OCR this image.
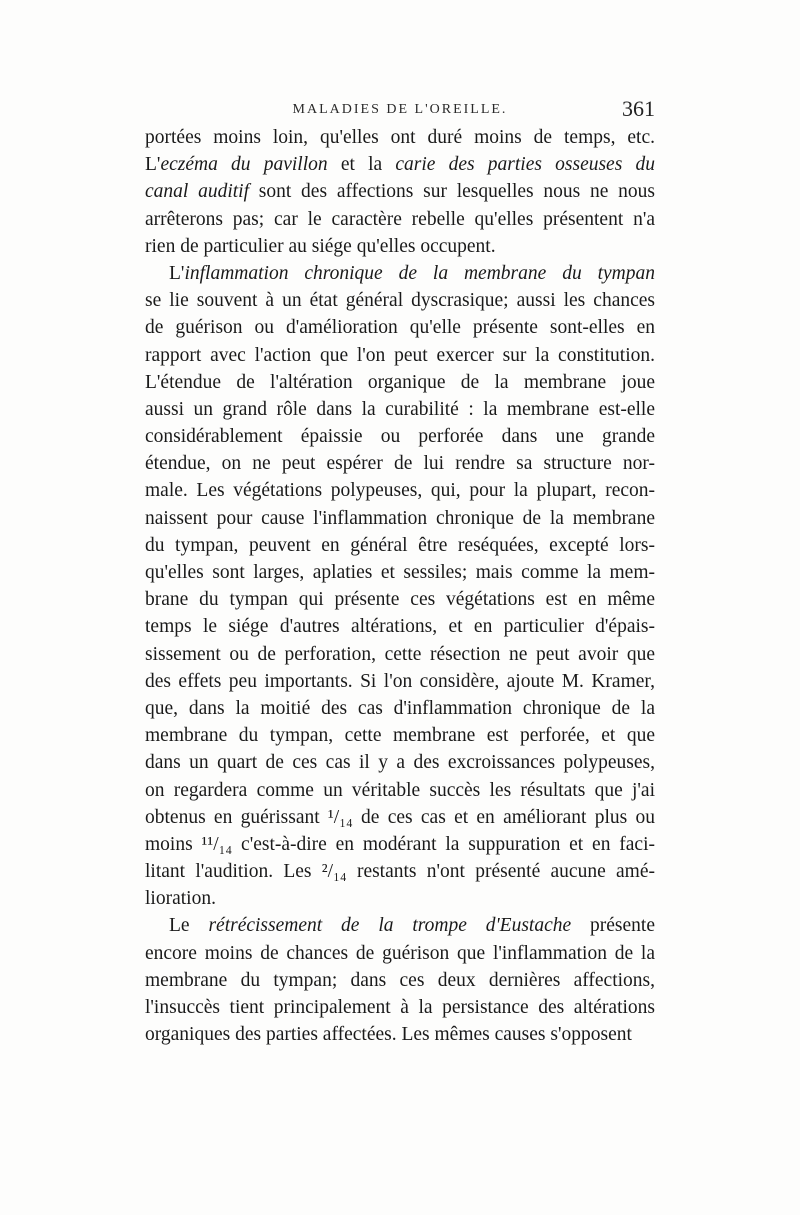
MALADIES DE L'OREILLE.	361
portées moins loin, qu'elles ont duré moins de temps, etc.
L'eczéma du pavillon et la carie des parties osseuses du
canal auditif sont des affections sur lesquelles nous ne nous
arrêterons pas; car le caractère rebelle qu'elles présentent n'a
rien de particulier au siége qu'elles occupent.
L'inflammation chronique de la membrane du tympan
se lie souvent à un état général dyscrasique; aussi les chances
de guérison ou d'amélioration qu'elle présente sont-elles en
rapport avec l'action que l'on peut exercer sur la constitution.
L'étendue de l'altération organique de la membrane joue
aussi un grand rôle dans la curabilité : la membrane est-elle
considérablement épaissie ou perforée dans une grande
étendue, on ne peut espérer de lui rendre sa structure nor-
male. Les végétations polypeuses, qui, pour la plupart, recon-
naissent pour cause l'inflammation chronique de la membrane
du tympan, peuvent en général être reséquées, excepté lors-
qu'elles sont larges, aplaties et sessiles; mais comme la mem-
brane du tympan qui présente ces végétations est en même
temps le siége d'autres altérations, et en particulier d'épais-
sissement ou de perforation, cette résection ne peut avoir que
des effets peu importants. Si l'on considère, ajoute M. Kramer,
que, dans la moitié des cas d'inflammation chronique de la
membrane du tympan, cette membrane est perforée, et que
dans un quart de ces cas il y a des excroissances polypeuses,
on regardera comme un véritable succès les résultats que j'ai
obtenus en guérissant ¹/₁₄ de ces cas et en améliorant plus ou
moins ¹¹/₁₄ c'est-à-dire en modérant la suppuration et en faci-
litant l'audition. Les ²/₁₄ restants n'ont présenté aucune amé-
lioration.
Le rétrécissement de la trompe d'Eustache présente
encore moins de chances de guérison que l'inflammation de la
membrane du tympan; dans ces deux dernières affections,
l'insuccès tient principalement à la persistance des altérations
organiques des parties affectées. Les mêmes causes s'opposent
